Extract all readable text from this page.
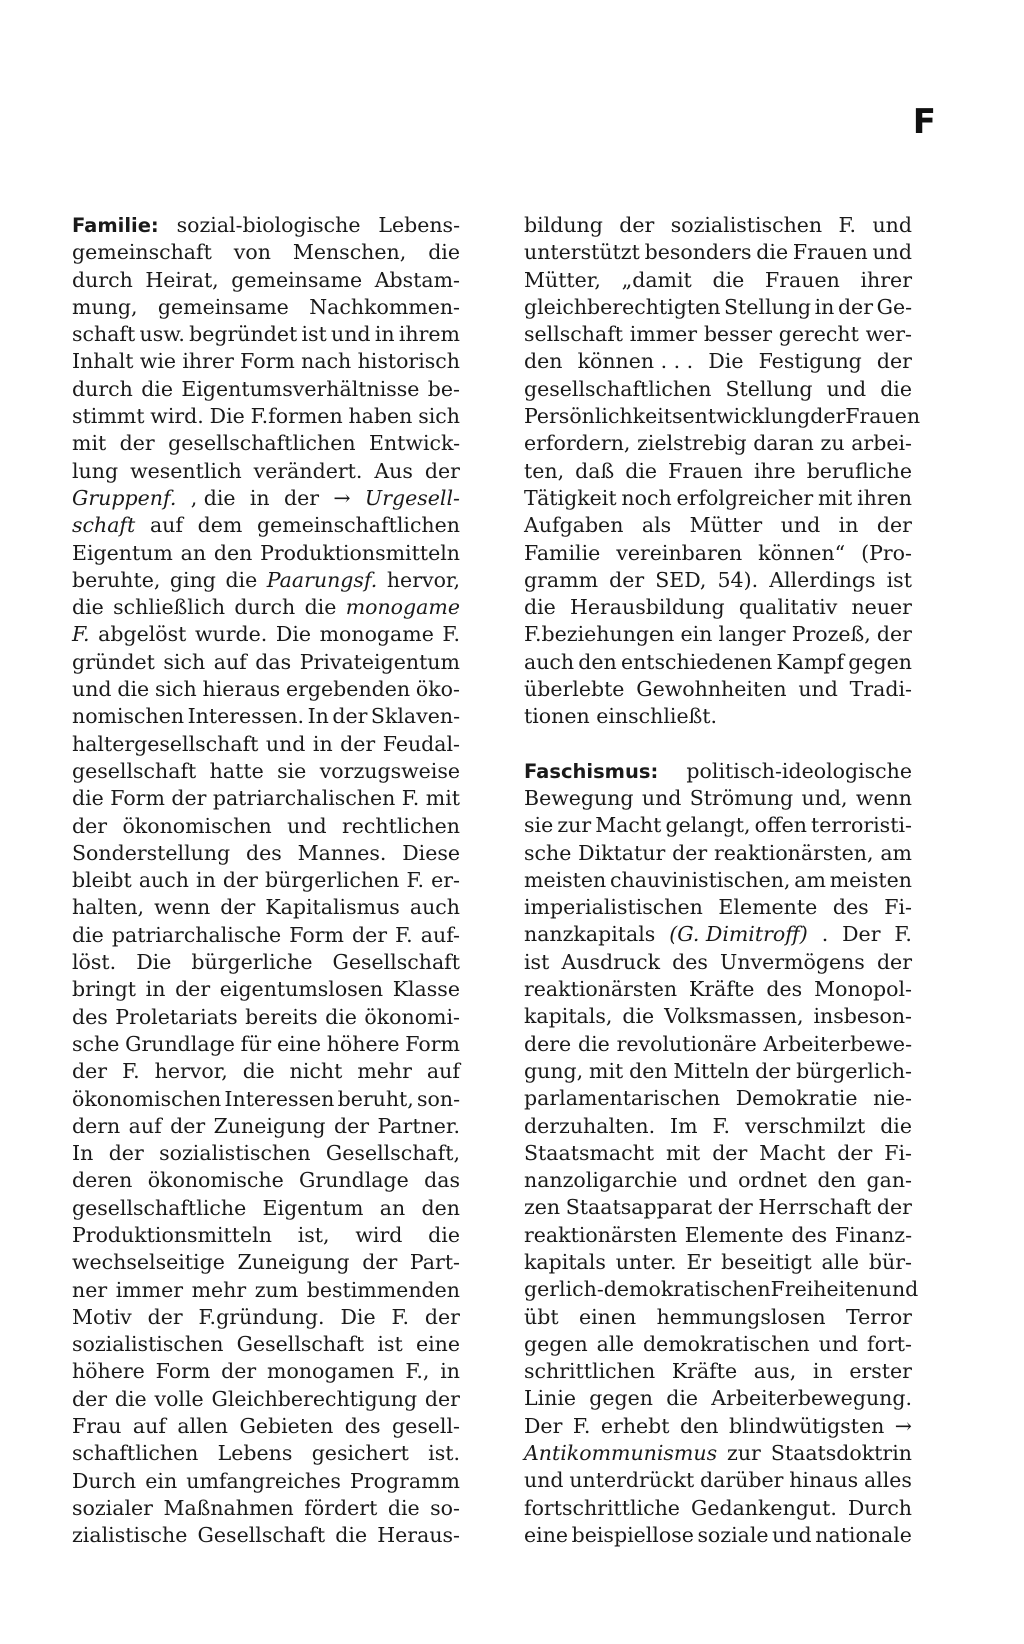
F
Familie: sozial-biologische Lebens-
gemeinschaft von Menschen, die
durch Heirat, gemeinsame Abstam-
mung, gemeinsame Nachkommen-
schaft usw. begründet ist und in ihrem
Inhalt wie ihrer Form nach historisch
durch die Eigentumsverhältnisse be-
stimmt wird. Die F.formen haben sich
mit der gesellschaftlichen Entwick-
lung wesentlich verändert. Aus der
Gruppenf. , die in der → Urgesell-
schaft auf dem gemeinschaftlichen
Eigentum an den Produktionsmitteln
beruhte, ging die Paarungsf. hervor,
die schließlich durch die monogame
F. abgelöst wurde. Die monogame F.
gründet sich auf das Privateigentum
und die sich hieraus ergebenden öko-
nomischen Interessen. In der Sklaven-
haltergesellschaft und in der Feudal-
gesellschaft hatte sie vorzugsweise
die Form der patriarchalischen F. mit
der ökonomischen und rechtlichen
Sonderstellung des Mannes. Diese
bleibt auch in der bürgerlichen F. er-
halten, wenn der Kapitalismus auch
die patriarchalische Form der F. auf-
löst. Die bürgerliche Gesellschaft
bringt in der eigentumslosen Klasse
des Proletariats bereits die ökonomi-
sche Grundlage für eine höhere Form
der F. hervor, die nicht mehr auf
ökonomischen Interessen beruht, son-
dern auf der Zuneigung der Partner.
In der sozialistischen Gesellschaft,
deren ökonomische Grundlage das
gesellschaftliche Eigentum an den
Produktionsmitteln ist, wird die
wechselseitige Zuneigung der Part-
ner immer mehr zum bestimmenden
Motiv der F.gründung. Die F. der
sozialistischen Gesellschaft ist eine
höhere Form der monogamen F., in
der die volle Gleichberechtigung der
Frau auf allen Gebieten des gesell-
schaftlichen Lebens gesichert ist.
Durch ein umfangreiches Programm
sozialer Maßnahmen fördert die so-
zialistische Gesellschaft die Heraus-
bildung der sozialistischen F. und
unterstützt besonders die Frauen und
Mütter, „damit die Frauen ihrer
gleichberechtigten Stellung in der Ge-
sellschaft immer besser gerecht wer-
den können . . . Die Festigung der
gesellschaftlichen Stellung und die
Persönlichkeitsentwicklung der Frauen
erfordern, zielstrebig daran zu arbei-
ten, daß die Frauen ihre berufliche
Tätigkeit noch erfolgreicher mit ihren
Aufgaben als Mütter und in der
Familie vereinbaren können“ (Pro-
gramm der SED, 54). Allerdings ist
die Herausbildung qualitativ neuer
F.beziehungen ein langer Prozeß, der
auch den entschiedenen Kampf gegen
überlebte Gewohnheiten und Tradi-
tionen einschließt.
Faschismus: politisch-ideologische
Bewegung und Strömung und, wenn
sie zur Macht gelangt, offen terroristi-
sche Diktatur der reaktionärsten, am
meisten chauvinistischen, am meisten
imperialistischen Elemente des Fi-
nanzkapitals (G. Dimitroff) . Der F.
ist Ausdruck des Unvermögens der
reaktionärsten Kräfte des Monopol-
kapitals, die Volksmassen, insbeson-
dere die revolutionäre Arbeiterbewe-
gung, mit den Mitteln der bürgerlich-
parlamentarischen Demokratie nie-
derzuhalten. Im F. verschmilzt die
Staatsmacht mit der Macht der Fi-
nanzoligarchie und ordnet den gan-
zen Staatsapparat der Herrschaft der
reaktionärsten Elemente des Finanz-
kapitals unter. Er beseitigt alle bür-
gerlich-demokratischen Freiheiten und
übt einen hemmungslosen Terror
gegen alle demokratischen und fort-
schrittlichen Kräfte aus, in erster
Linie gegen die Arbeiterbewegung.
Der F. erhebt den blindwütigsten →
Antikommunismus zur Staatsdoktrin
und unterdrückt darüber hinaus alles
fortschrittliche Gedankengut. Durch
eine beispiellose soziale und nationale
